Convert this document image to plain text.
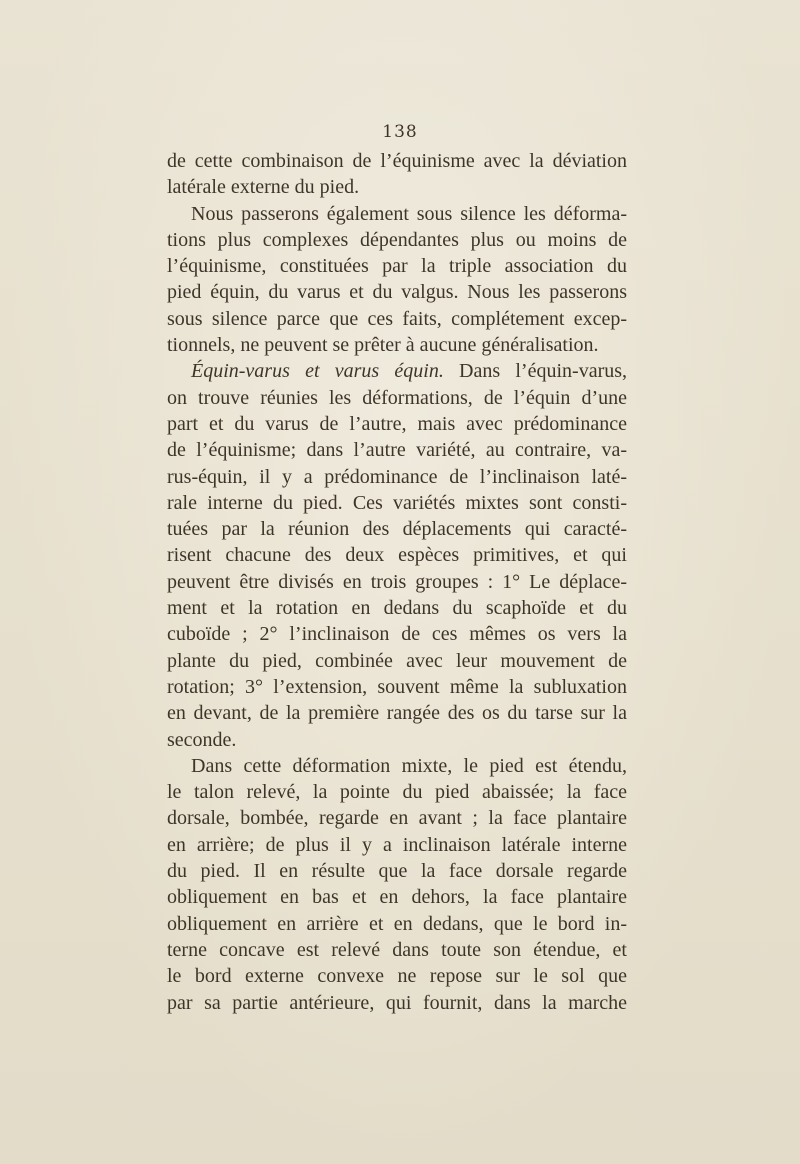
138
de cette combinaison de l’équinisme avec la déviation
latérale externe du pied.
Nous passerons également sous silence les déforma-
tions plus complexes dépendantes plus ou moins de
l’équinisme, constituées par la triple association du
pied équin, du varus et du valgus. Nous les passerons
sous silence parce que ces faits, complétement excep-
tionnels, ne peuvent se prêter à aucune généralisation.
Équin-varus et varus équin. Dans l’équin-varus,
on trouve réunies les déformations, de l’équin d’une
part et du varus de l’autre, mais avec prédominance
de l’équinisme; dans l’autre variété, au contraire, va-
rus-équin, il y a prédominance de l’inclinaison laté-
rale interne du pied. Ces variétés mixtes sont consti-
tuées par la réunion des déplacements qui caracté-
risent chacune des deux espèces primitives, et qui
peuvent être divisés en trois groupes : 1° Le déplace-
ment et la rotation en dedans du scaphoïde et du
cuboïde ; 2° l’inclinaison de ces mêmes os vers la
plante du pied, combinée avec leur mouvement de
rotation; 3° l’extension, souvent même la subluxation
en devant, de la première rangée des os du tarse sur la
seconde.
Dans cette déformation mixte, le pied est étendu,
le talon relevé, la pointe du pied abaissée; la face
dorsale, bombée, regarde en avant ; la face plantaire
en arrière; de plus il y a inclinaison latérale interne
du pied. Il en résulte que la face dorsale regarde
obliquement en bas et en dehors, la face plantaire
obliquement en arrière et en dedans, que le bord in-
terne concave est relevé dans toute son étendue, et
le bord externe convexe ne repose sur le sol que
par sa partie antérieure, qui fournit, dans la marche
